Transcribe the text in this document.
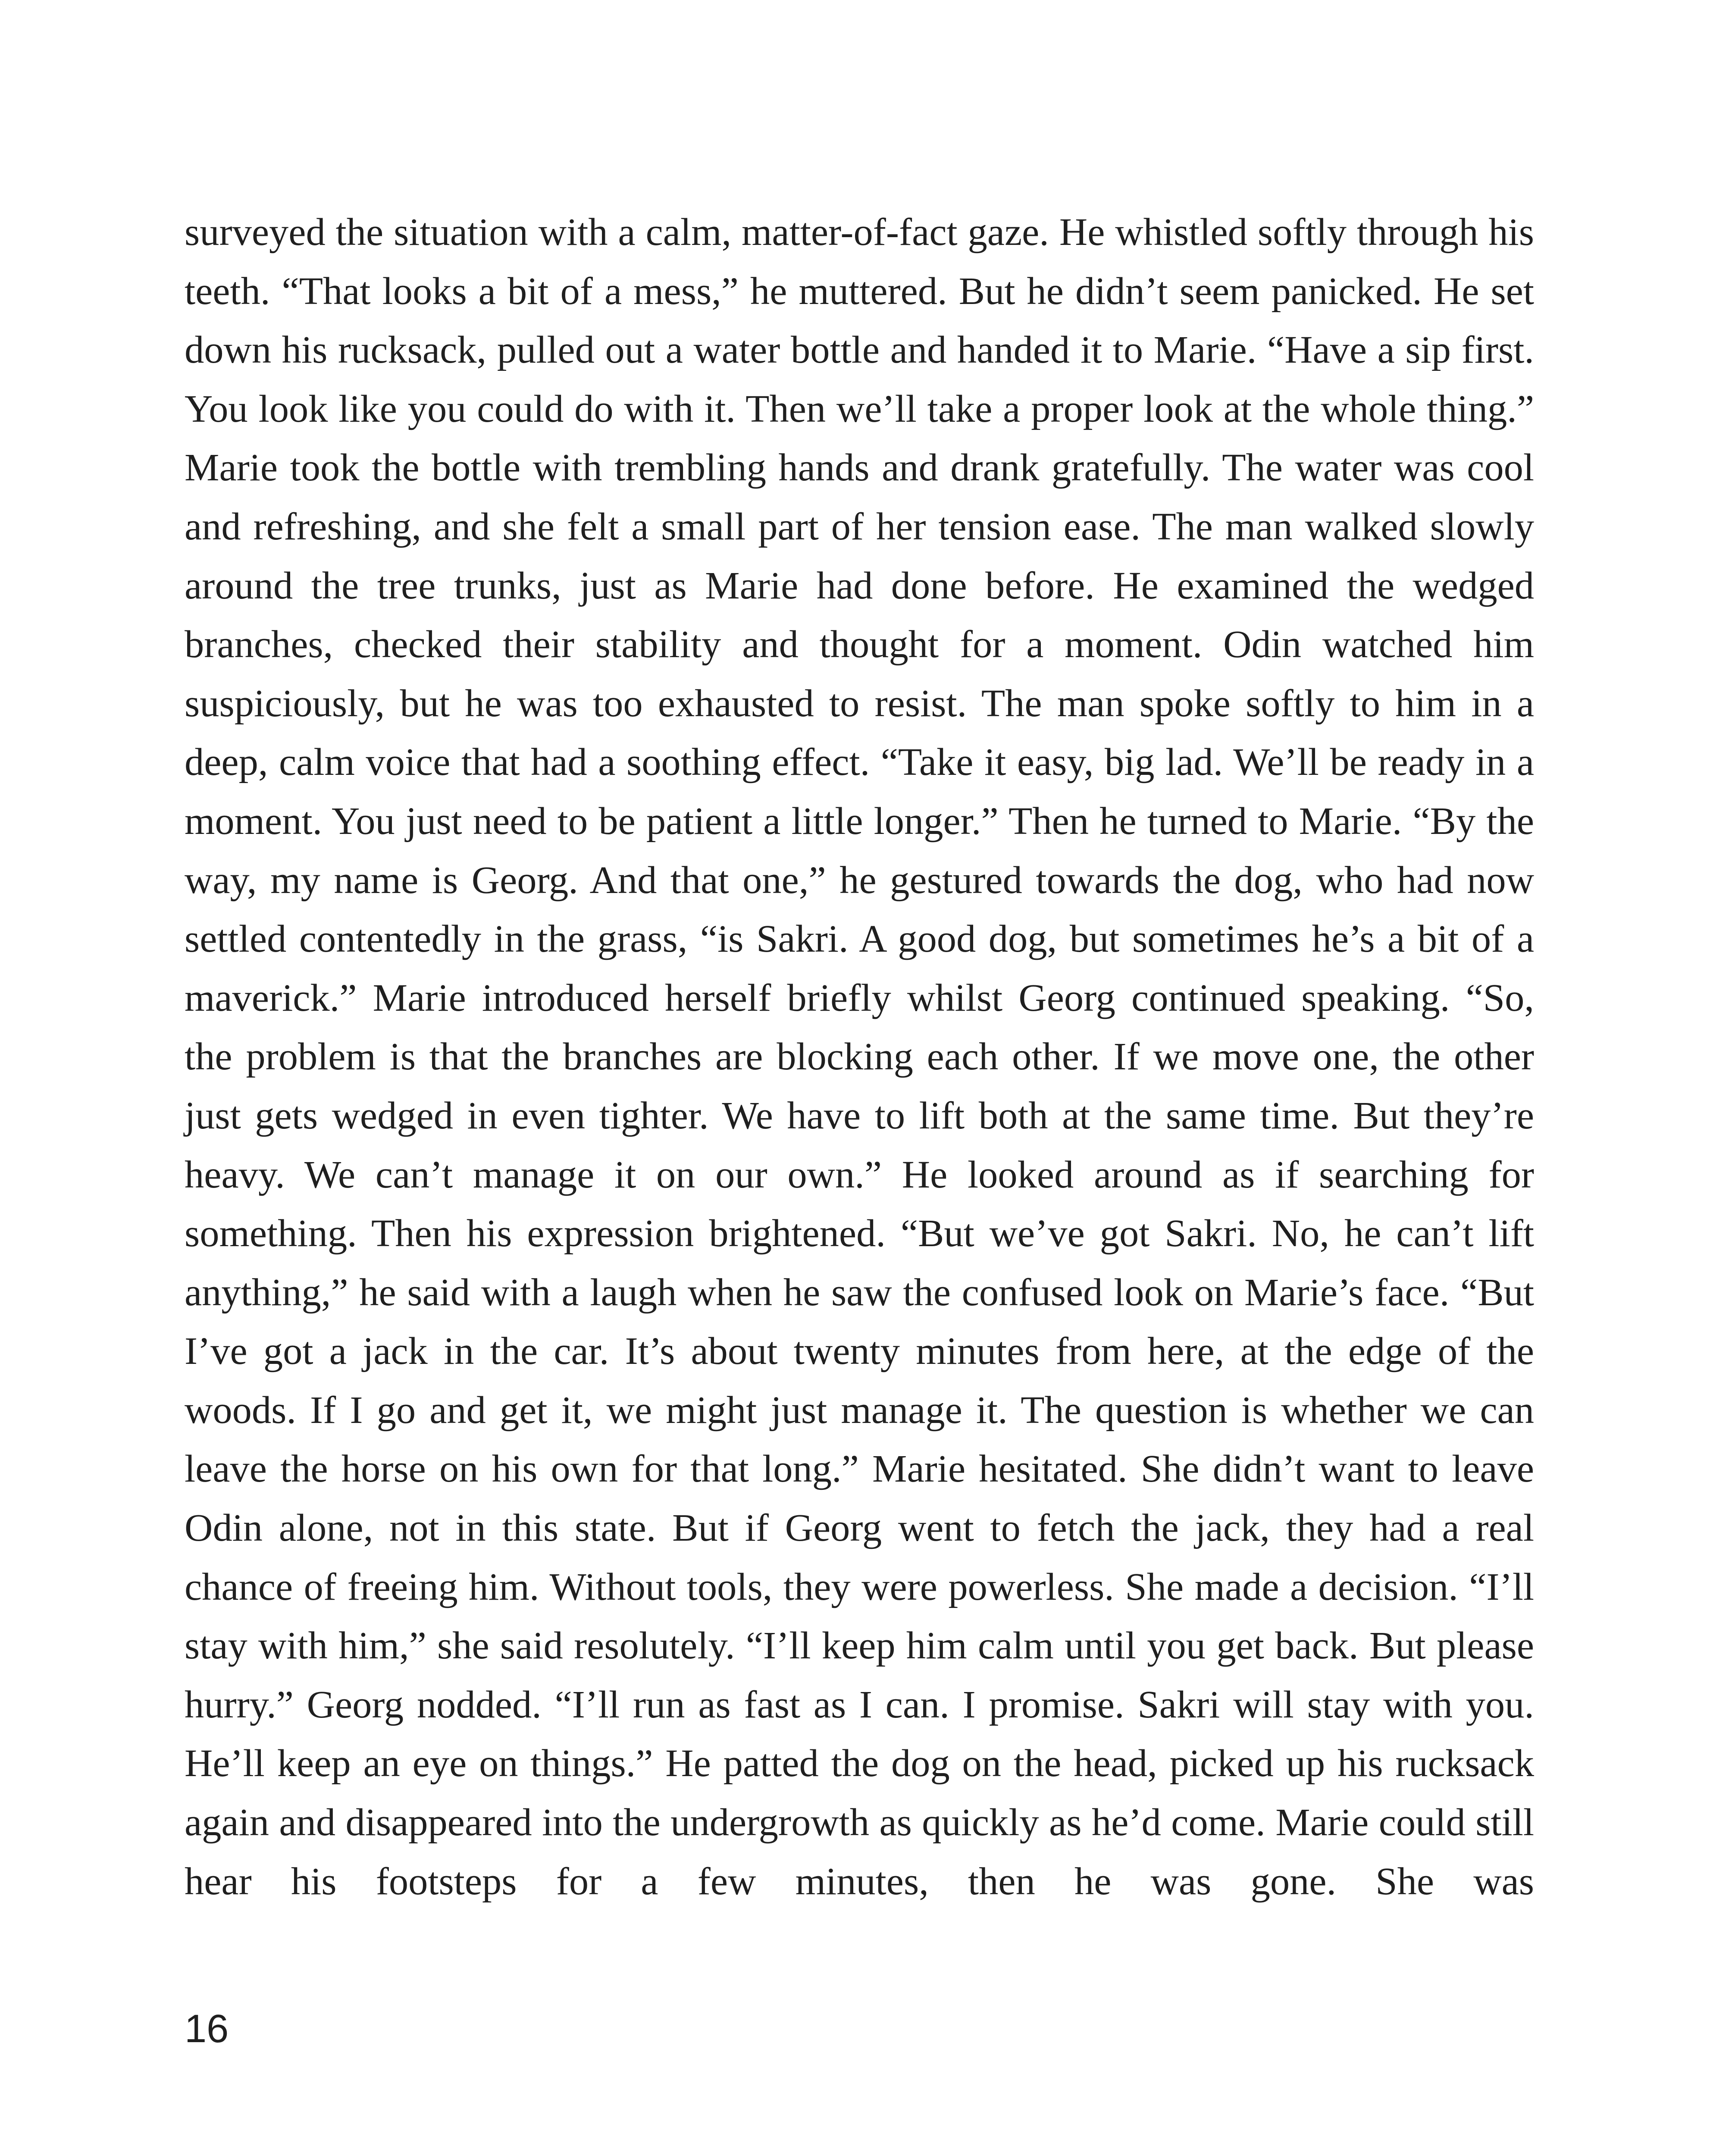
surveyed the situation with a calm, matter-of-fact gaze. He whistled softly through his teeth. “That looks a bit of a mess,” he muttered. But he didn’t seem panicked. He set down his rucksack, pulled out a water bottle and handed it to Marie. “Have a sip first. You look like you could do with it. Then we’ll take a proper look at the whole thing.” Marie took the bottle with trembling hands and drank gratefully. The water was cool and refreshing, and she felt a small part of her tension ease. The man walked slowly around the tree trunks, just as Marie had done before. He examined the wedged branches, checked their stability and thought for a moment. Odin watched him suspiciously, but he was too exhausted to resist. The man spoke softly to him in a deep, calm voice that had a soothing effect. “Take it easy, big lad. We’ll be ready in a moment. You just need to be patient a little longer.” Then he turned to Marie. “By the way, my name is Georg. And that one,” he gestured towards the dog, who had now settled contentedly in the grass, “is Sakri. A good dog, but sometimes he’s a bit of a maverick.” Marie introduced herself briefly whilst Georg continued speaking. “So, the problem is that the branches are blocking each other. If we move one, the other just gets wedged in even tighter. We have to lift both at the same time. But they’re heavy. We can’t manage it on our own.” He looked around as if searching for something. Then his expression brightened. “But we’ve got Sakri. No, he can’t lift anything,” he said with a laugh when he saw the confused look on Marie’s face. “But I’ve got a jack in the car. It’s about twenty minutes from here, at the edge of the woods. If I go and get it, we might just manage it. The question is whether we can leave the horse on his own for that long.” Marie hesitated. She didn’t want to leave Odin alone, not in this state. But if Georg went to fetch the jack, they had a real chance of freeing him. Without tools, they were powerless. She made a decision. “I’ll stay with him,” she said resolutely. “I’ll keep him calm until you get back. But please hurry.” Georg nodded. “I’ll run as fast as I can. I promise. Sakri will stay with you. He’ll keep an eye on things.” He patted the dog on the head, picked up his rucksack again and disappeared into the undergrowth as quickly as he’d come. Marie could still hear his footsteps for a few minutes, then he was gone. She was

16
